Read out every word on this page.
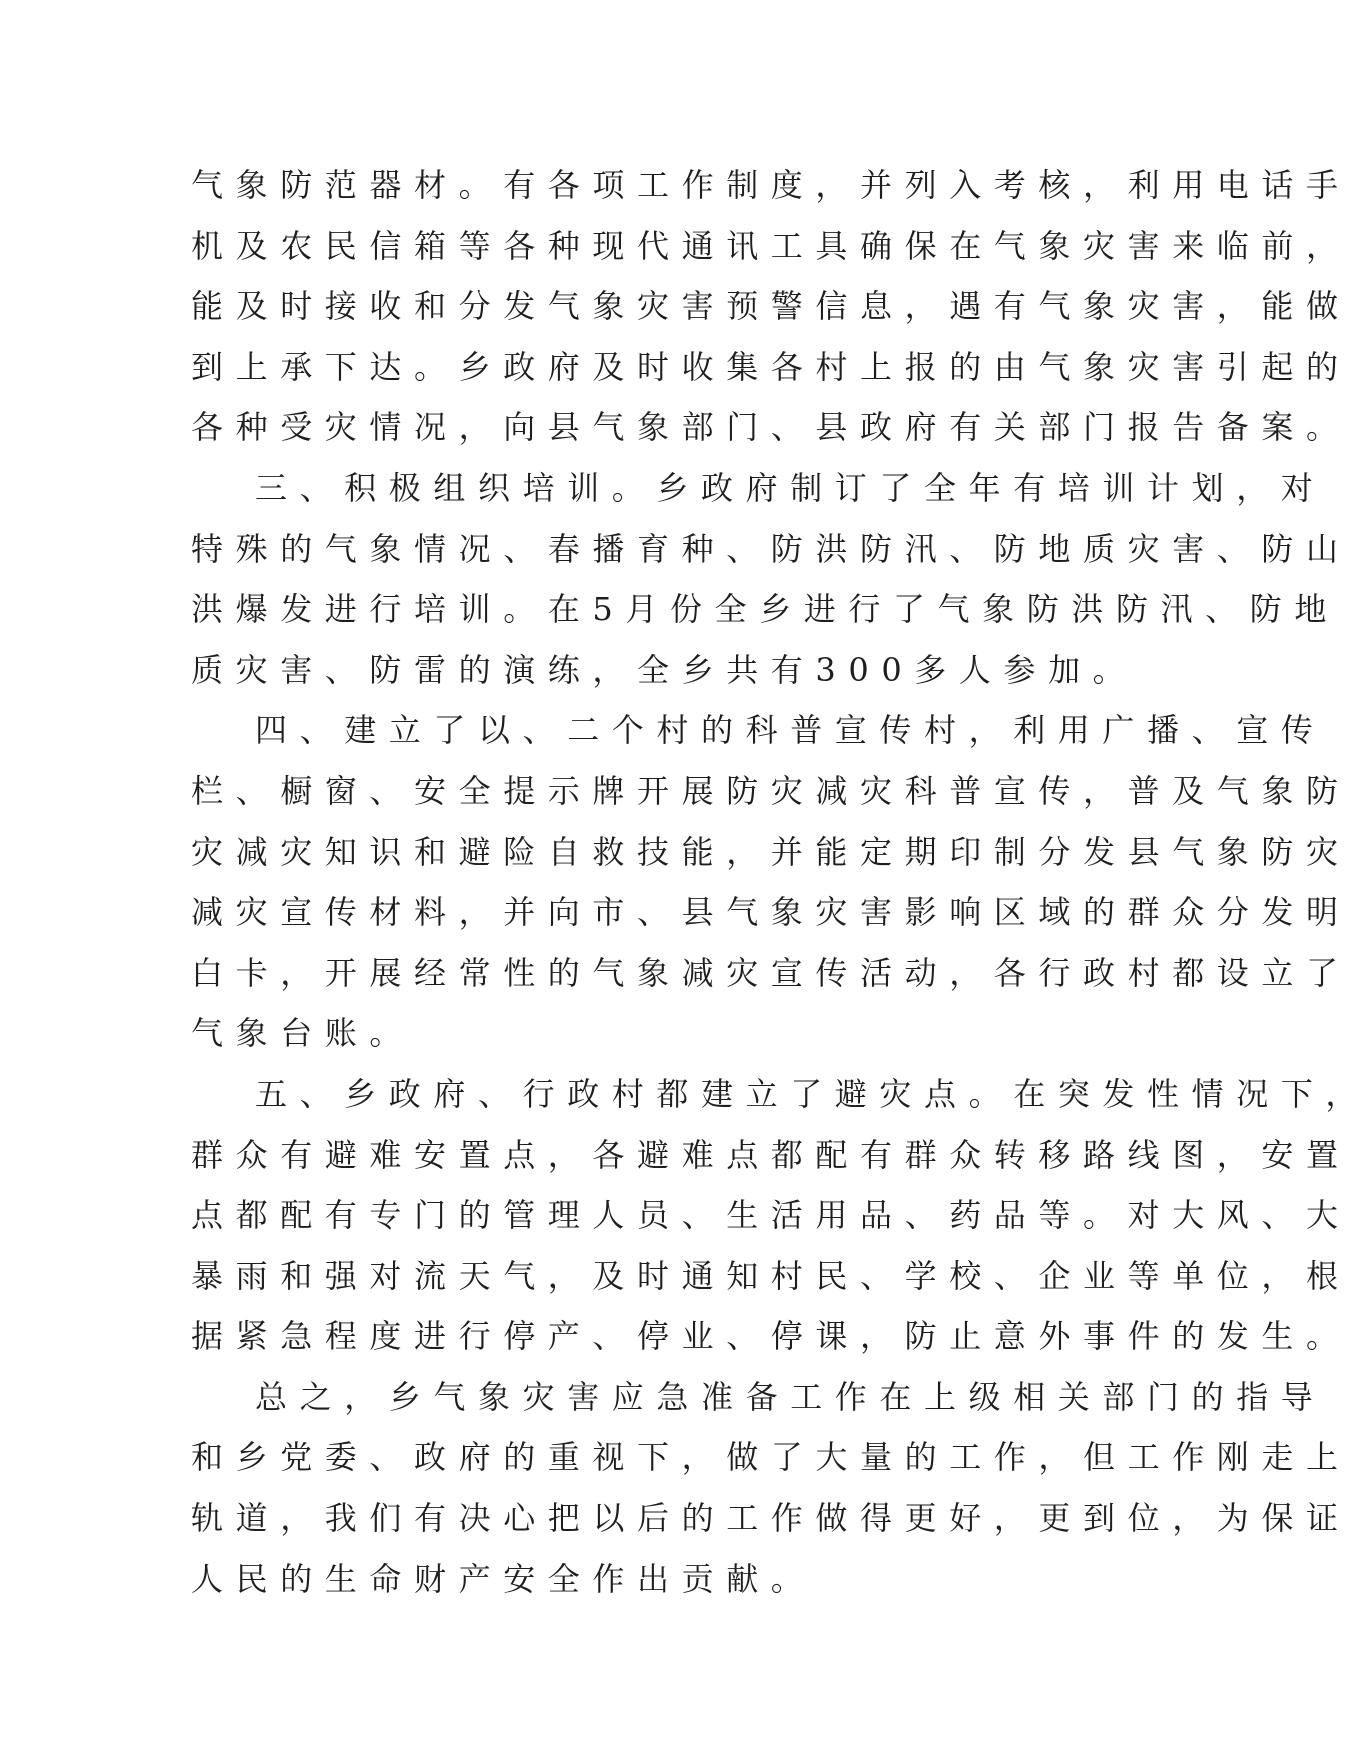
气象防范器材。有各项工作制度，并列入考核，利用电话手
机及农民信箱等各种现代通讯工具确保在气象灾害来临前，
能及时接收和分发气象灾害预警信息，遇有气象灾害，能做
到上承下达。乡政府及时收集各村上报的由气象灾害引起的
各种受灾情况，向县气象部门、县政府有关部门报告备案。
三、积极组织培训。乡政府制订了全年有培训计划，对
特殊的气象情况、春播育种、防洪防汛、防地质灾害、防山
洪爆发进行培训。在5月份全乡进行了气象防洪防汛、防地
质灾害、防雷的演练，全乡共有300多人参加。
四、建立了以、二个村的科普宣传村，利用广播、宣传
栏、橱窗、安全提示牌开展防灾减灾科普宣传，普及气象防
灾减灾知识和避险自救技能，并能定期印制分发县气象防灾
减灾宣传材料，并向市、县气象灾害影响区域的群众分发明
白卡，开展经常性的气象减灾宣传活动，各行政村都设立了
气象台账。
五、乡政府、行政村都建立了避灾点。在突发性情况下，
群众有避难安置点，各避难点都配有群众转移路线图，安置
点都配有专门的管理人员、生活用品、药品等。对大风、大
暴雨和强对流天气，及时通知村民、学校、企业等单位，根
据紧急程度进行停产、停业、停课，防止意外事件的发生。
总之，乡气象灾害应急准备工作在上级相关部门的指导
和乡党委、政府的重视下，做了大量的工作，但工作刚走上
轨道，我们有决心把以后的工作做得更好，更到位，为保证
人民的生命财产安全作出贡献。
